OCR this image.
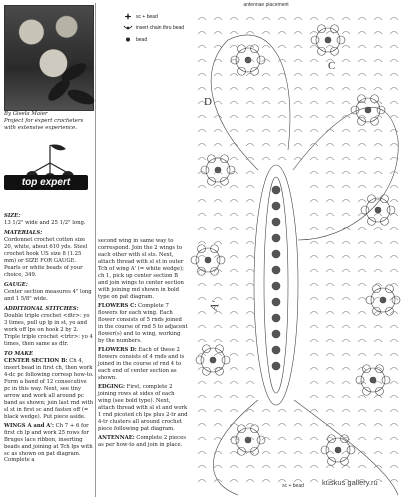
By Gisela Maier
Project for expert crocheters with extensive experience.
top expert
SIZE:

13 1/2" wide and 25 1/2" long.

MATERIALS:

Cordonnet crochet cotton size 20, white, about 610 yds. Steel crochet hook US size 8 (1.25 mm) or SIZE FOR GAUGE. Pearls or white beads of your choice, 349.

GAUGE:

Center section measures 4" long and 1 5/8" wide.

ADDITIONAL STITCHES:

Double triple crochet <dtr>: yo 3 times, pull up lp in st, yo and work off lps on hook 2 by 2. Triple triple crochet <trtr>: yo 4 times, then same as dtr.

TO MAKE

CENTER SECTION B: Ch 4, insert bead in first ch, then work 4-dc pc following corresp how-to. Form a band of 12 consecutive pc in this way. Next, see tiny arrow and work all around pc band as shown; join last rnd with sl st in first sc and fasten off (= black wedge). Put piece aside.

WINGS A and A': Ch 7 + 6 for first ch lp and work 25 rows for Bruges lace ribbon, inserting beads and joining at Tch lps with sc as shown on pat diagram. Complete a

sc + bead
insert chain thru bead
bead

second wing in same way to correspond. Join the 2 wings to each other with sl sts. Next, attach thread with sl st in outer Tch of wing A' (= white wedge); ch 1, pick up center section B and join wings to center section with joining md shown in bold type on pat diagram.

FLOWERS C: Complete 7 flowers for each wing. Each flower consists of 5 rnds joined in the course of rnd 5 to adjacent flower(s) and to wing, working by the numbers.

FLOWERS D: Each of these 2 flowers consists of 4 rnds and is joined in the course of rnd 4 to each end of center section as shown.

EDGING: First, complete 2 joining rows at sides of each wing (see bold type). Next, attach thread with sl st and work 1 rnd picoted ch lps plus 2-tr and 4-tr clusters all around crochet piece following pat diagram.

ANTENNAE: Complete 2 pieces as per how-to and join in place.

antennae placement
sc + bead
D
C
A'
kuskus gallery.ru
